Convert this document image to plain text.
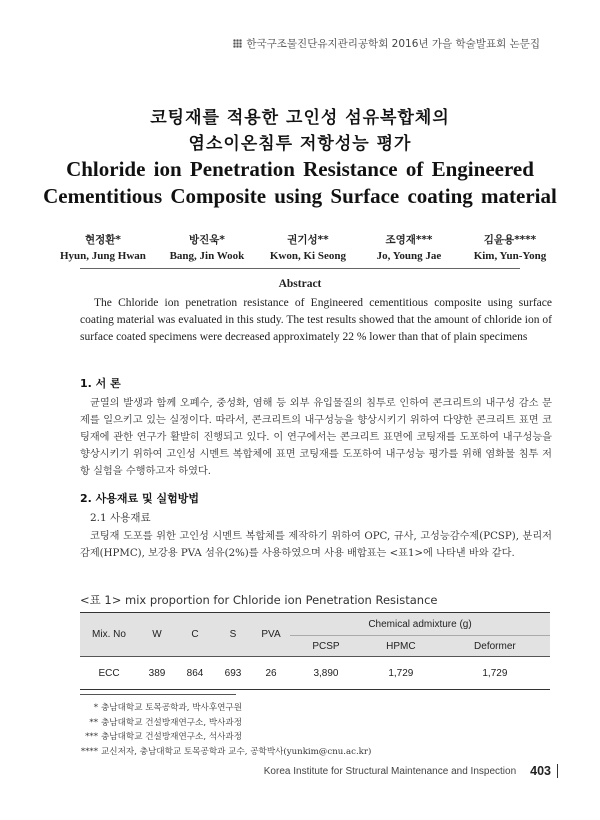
한국구조물진단유지관리공학회 2016년 가을 학술발표회 논문집
코팅재를 적용한 고인성 섬유복합체의
염소이온침투 저항성능 평가
Chloride ion Penetration Resistance of Engineered
Cementitious Composite using Surface coating material
현정환*
Hyun, Jung Hwan
방진욱*
Bang, Jin Wook
권기성**
Kwon, Ki Seong
조영재***
Jo, Young Jae
김윤용****
Kim, Yun-Yong
Abstract
The Chloride ion penetration resistance of Engineered cementitious composite using surface coating material was evaluated in this study. The test results showed that the amount of chloride ion of surface coated specimens were decreased approximately 22 % lower than that of plain specimens
1. 서 론
균열의 발생과 함께 오폐수, 중성화, 염해 등 외부 유입물질의 침투로 인하여 콘크리트의 내구성 감소 문제를 일으키고 있는 실정이다. 따라서, 콘크리트의 내구성능을 향상시키기 위하여 다양한 콘크리트 표면 코팅재에 관한 연구가 활발히 진행되고 있다. 이 연구에서는 콘크리트 표면에 코팅재를 도포하여 내구성능을 향상시키기 위하여 고인성 시멘트 복합체에 표면 코팅재를 도포하여 내구성능 평가를 위해 염화물 침투 저항 실험을 수행하고자 하였다.
2. 사용재료 및 실험방법
2.1 사용재료
코팅재 도포를 위한 고인성 시멘트 복합체를 제작하기 위하여 OPC, 규사, 고성능감수제(PCSP), 분리저감제(HPMC), 보강용 PVA 섬유(2%)를 사용하였으며 사용 배합표는 <표1>에 나타낸 바와 같다.
<표 1> mix proportion for Chloride ion Penetration Resistance
Mix. No	W	C	S	PVA	Chemical admixture (g)		
					PCSP	HPMC	Deformer
ECC	389	864	693	26	3,890	1,729	1,729
* 충남대학교 토목공학과, 박사후연구원
** 충남대학교 건설방재연구소, 박사과정
*** 충남대학교 건설방재연구소, 석사과정
**** 교신저자, 충남대학교 토목공학과 교수, 공학박사(yunkim@cnu.ac.kr)
Korea Institute for Structural Maintenance and Inspection 403
